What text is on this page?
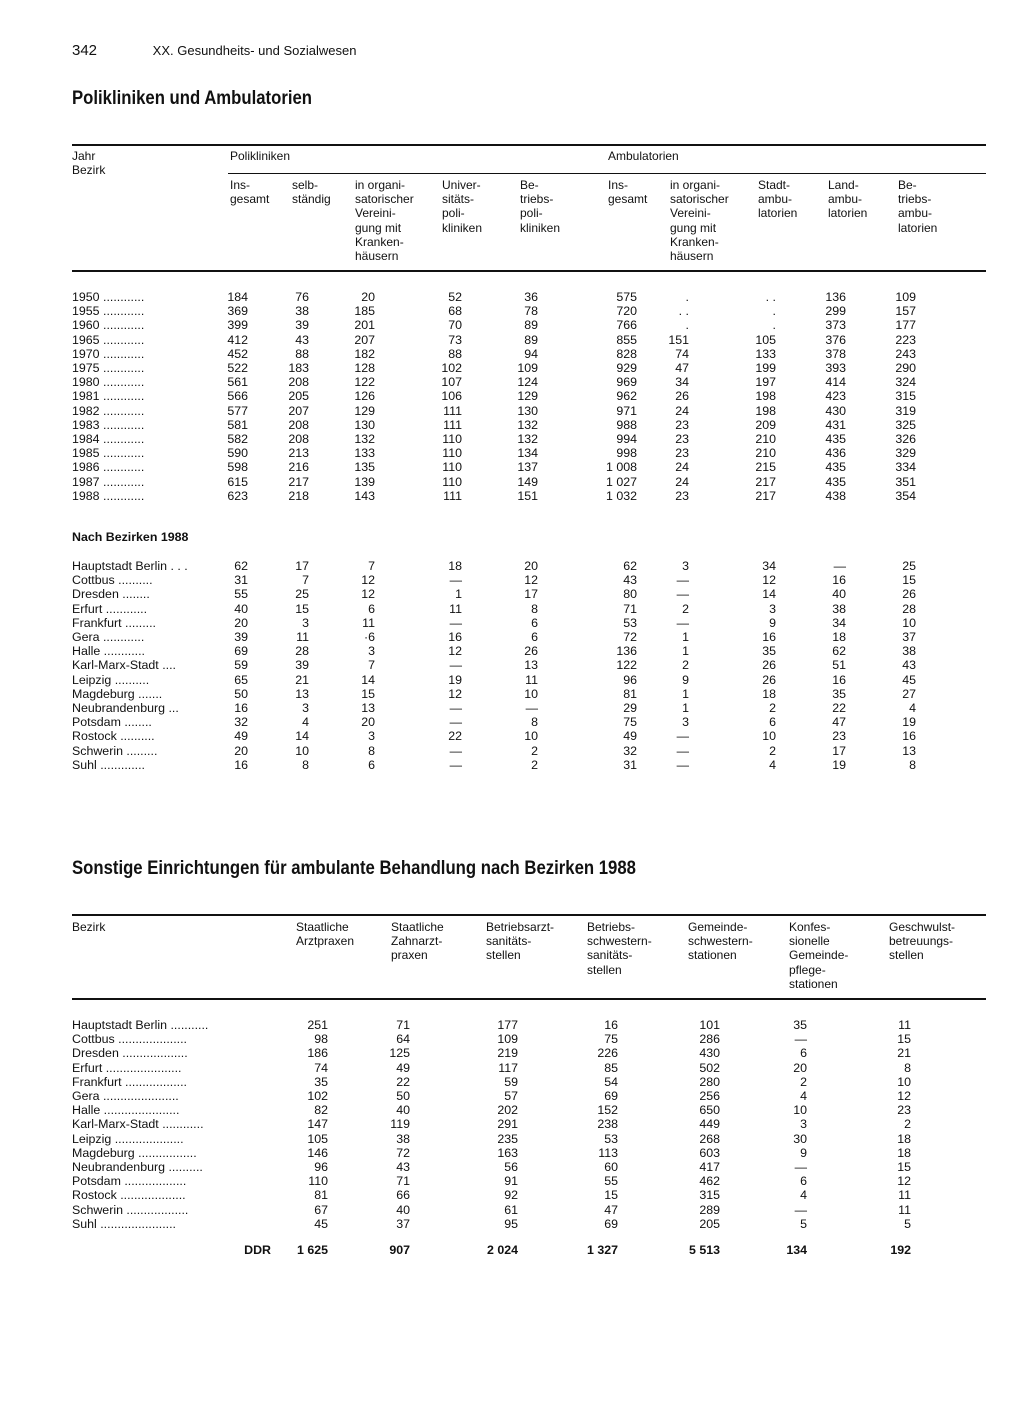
342	XX. Gesundheits- und Sozialwesen
Polikliniken und Ambulatorien
Jahr
Bezirk
Polikliniken	Ambulatorien
Ins-
gesamt
selb-
ständig
in organi-
satorischer
Vereini-
gung mit
Kranken-
häusern
Univer-
sitäts-
poli-
kliniken
Be-
triebs-
poli-
kliniken
Ins-
gesamt
in organi-
satorischer
Vereini-
gung mit
Kranken-
häusern
Stadt-
ambu-
latorien
Land-
ambu-
latorien
Be-
triebs-
ambu-
latorien
1950 ............	184	76	20	52	36	575	.	. .	136	109
1955 ............	369	38	185	68	78	720	. .	.	299	157
1960 ............	399	39	201	70	89	766	.	.	373	177
1965 ............	412	43	207	73	89	855	151	105	376	223
1970 ............	452	88	182	88	94	828	74	133	378	243
1975 ............	522	183	128	102	109	929	47	199	393	290
1980 ............	561	208	122	107	124	969	34	197	414	324
1981 ............	566	205	126	106	129	962	26	198	423	315
1982 ............	577	207	129	111	130	971	24	198	430	319
1983 ............	581	208	130	111	132	988	23	209	431	325
1984 ............	582	208	132	110	132	994	23	210	435	326
1985 ............	590	213	133	110	134	998	23	210	436	329
1986 ............	598	216	135	110	137	1 008	24	215	435	334
1987 ............	615	217	139	110	149	1 027	24	217	435	351
1988 ............	623	218	143	111	151	1 032	23	217	438	354
Nach Bezirken 1988
Hauptstadt Berlin . . .	62	17	7	18	20	62	3	34	—	25
Cottbus ..........	31	7	12	—	12	43	—	12	16	15
Dresden ........	55	25	12	1	17	80	—	14	40	26
Erfurt ............	40	15	6	11	8	71	2	3	38	28
Frankfurt .........	20	3	11	—	6	53	—	9	34	10
Gera ............	39	11	·6	16	6	72	1	16	18	37
Halle ............	69	28	3	12	26	136	1	35	62	38
Karl-Marx-Stadt ....	59	39	7	—	13	122	2	26	51	43
Leipzig ..........	65	21	14	19	11	96	9	26	16	45
Magdeburg .......	50	13	15	12	10	81	1	18	35	27
Neubrandenburg ...	16	3	13	—	—	29	1	2	22	4
Potsdam ........	32	4	20	—	8	75	3	6	47	19
Rostock ..........	49	14	3	22	10	49	—	10	23	16
Schwerin .........	20	10	8	—	2	32	—	2	17	13
Suhl .............	16	8	6	—	2	31	—	4	19	8
Sonstige Einrichtungen für ambulante Behandlung nach Bezirken 1988
Bezirk	Staatliche
Arztpraxen
Staatliche
Zahnarzt-
praxen
Betriebsarzt-
sanitäts-
stellen
Betriebs-
schwestern-
sanitäts-
stellen
Gemeinde-
schwestern-
stationen
Konfes-
sionelle
Gemeinde-
pflege-
stationen
Geschwulst-
betreuungs-
stellen
Hauptstadt Berlin ...........	251	71	177	16	101	35	11
Cottbus ....................	98	64	109	75	286	—	15
Dresden ...................	186	125	219	226	430	6	21
Erfurt ......................	74	49	117	85	502	20	8
Frankfurt ..................	35	22	59	54	280	2	10
Gera ......................	102	50	57	69	256	4	12
Halle ......................	82	40	202	152	650	10	23
Karl-Marx-Stadt ............	147	119	291	238	449	3	2
Leipzig ....................	105	38	235	53	268	30	18
Magdeburg .................	146	72	163	113	603	9	18
Neubrandenburg ..........	96	43	56	60	417	—	15
Potsdam ..................	110	71	91	55	462	6	12
Rostock ...................	81	66	92	15	315	4	11
Schwerin ..................	67	40	61	47	289	—	11
Suhl ......................	45	37	95	69	205	5	5
DDR 1 625	907	2 024	1 327	5 513	134	192
